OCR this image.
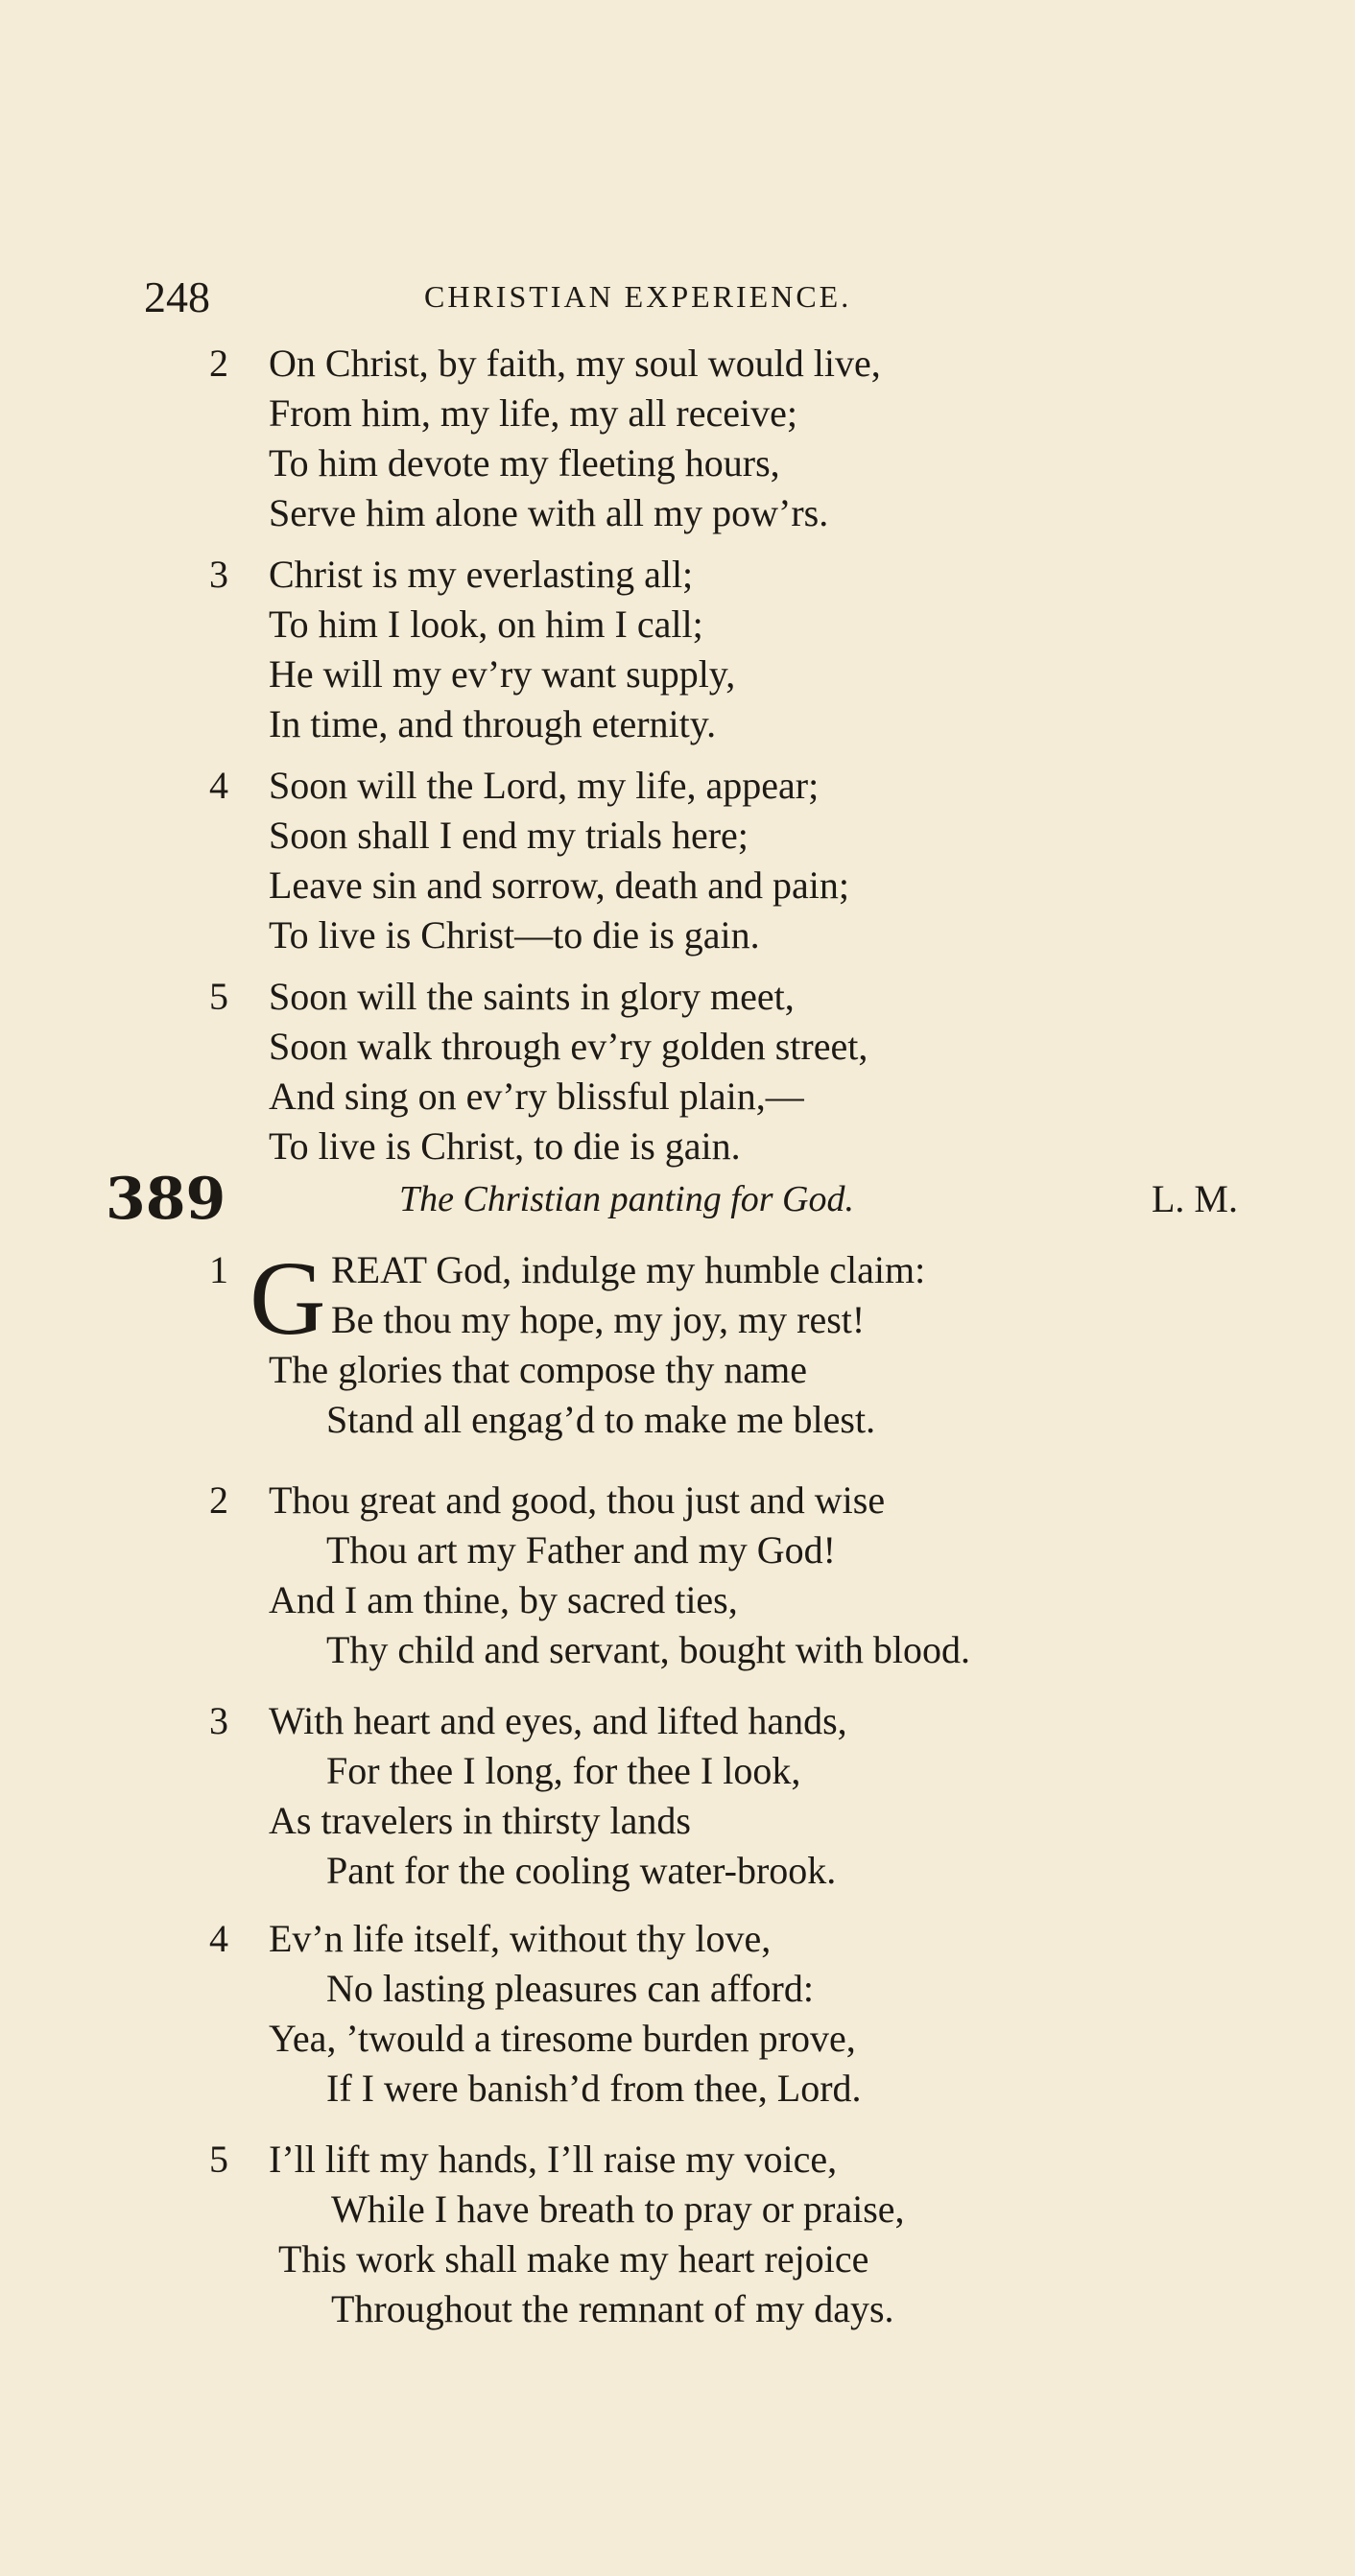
248	CHRISTIAN EXPERIENCE.
2 On Christ, by faith, my soul would live,
From him, my life, my all receive;
To him devote my fleeting hours,
Serve him alone with all my pow’rs.
3 Christ is my everlasting all;
To him I look, on him I call;
He will my ev’ry want supply,
In time, and through eternity.
4 Soon will the Lord, my life, appear;
Soon shall I end my trials here;
Leave sin and sorrow, death and pain;
To live is Christ—to die is gain.
5 Soon will the saints in glory meet,
Soon walk through ev’ry golden street,
And sing on ev’ry blissful plain,—
To live is Christ, to die is gain.
389	The Christian panting for God.	L. M.
1 G REAT God, indulge my humble claim:
Be thou my hope, my joy, my rest!
The glories that compose thy name
Stand all engag’d to make me blest.
2 Thou great and good, thou just and wise
Thou art my Father and my God!
And I am thine, by sacred ties,
Thy child and servant, bought with blood.
3 With heart and eyes, and lifted hands,
For thee I long, for thee I look,
As travelers in thirsty lands
Pant for the cooling water-brook.
4 Ev’n life itself, without thy love,
No lasting pleasures can afford:
Yea, ’twould a tiresome burden prove,
If I were banish’d from thee, Lord.
5 I’ll lift my hands, I’ll raise my voice,
While I have breath to pray or praise,
This work shall make my heart rejoice
Throughout the remnant of my days.
